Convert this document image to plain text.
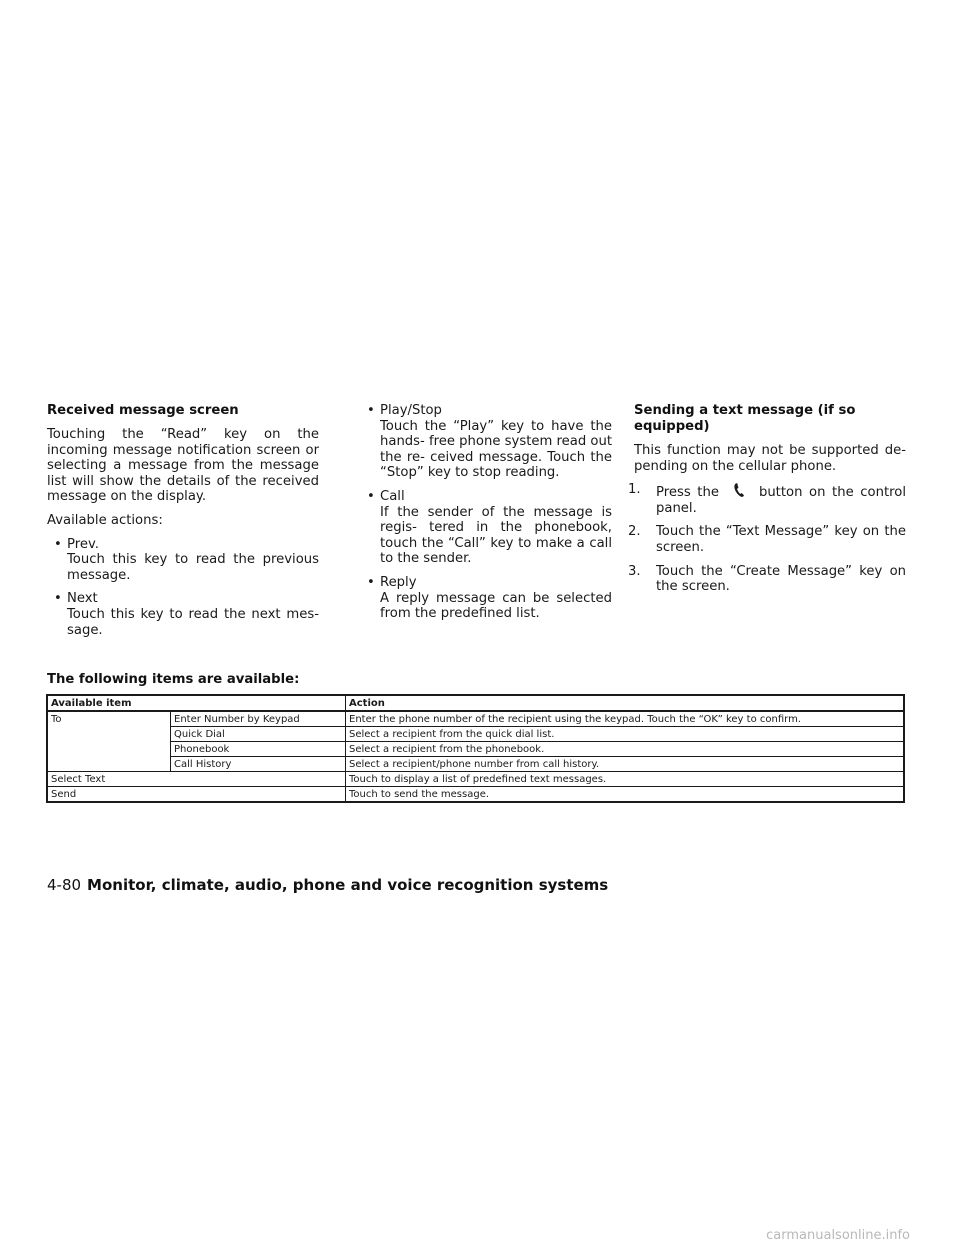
Received message screen

Touching the “Read” key on the incoming message notification screen or selecting a message from the message list will show the details of the received message on the display.

Available actions:

• Prev.
Touch this key to read the previous message.
• Next
Touch this key to read the next mes- sage.
• Play/Stop
Touch the “Play” key to have the hands- free phone system read out the re- ceived message. Touch the “Stop” key to stop reading.
• Call
If the sender of the message is regis- tered in the phonebook, touch the “Call” key to make a call to the sender.
• Reply
A reply message can be selected from the predefined list.
Sending a text message (if so equipped)

This function may not be supported de- pending on the cellular phone.

1.	Press the	button on the control panel.
2.	Touch the “Text Message” key on the screen.
3.	Touch the “Create Message” key on the screen.
The following items are available:
Available item		Action
To	Enter Number by Keypad	Enter the phone number of the recipient using the keypad. Touch the “OK” key to confirm.
	Quick Dial	Select a recipient from the quick dial list.
	Phonebook	Select a recipient from the phonebook.
	Call History	Select a recipient/phone number from call history.
Select Text		Touch to display a list of predefined text messages.
Send		Touch to send the message.
4-80 Monitor, climate, audio, phone and voice recognition systems
carmanualsonline.info
